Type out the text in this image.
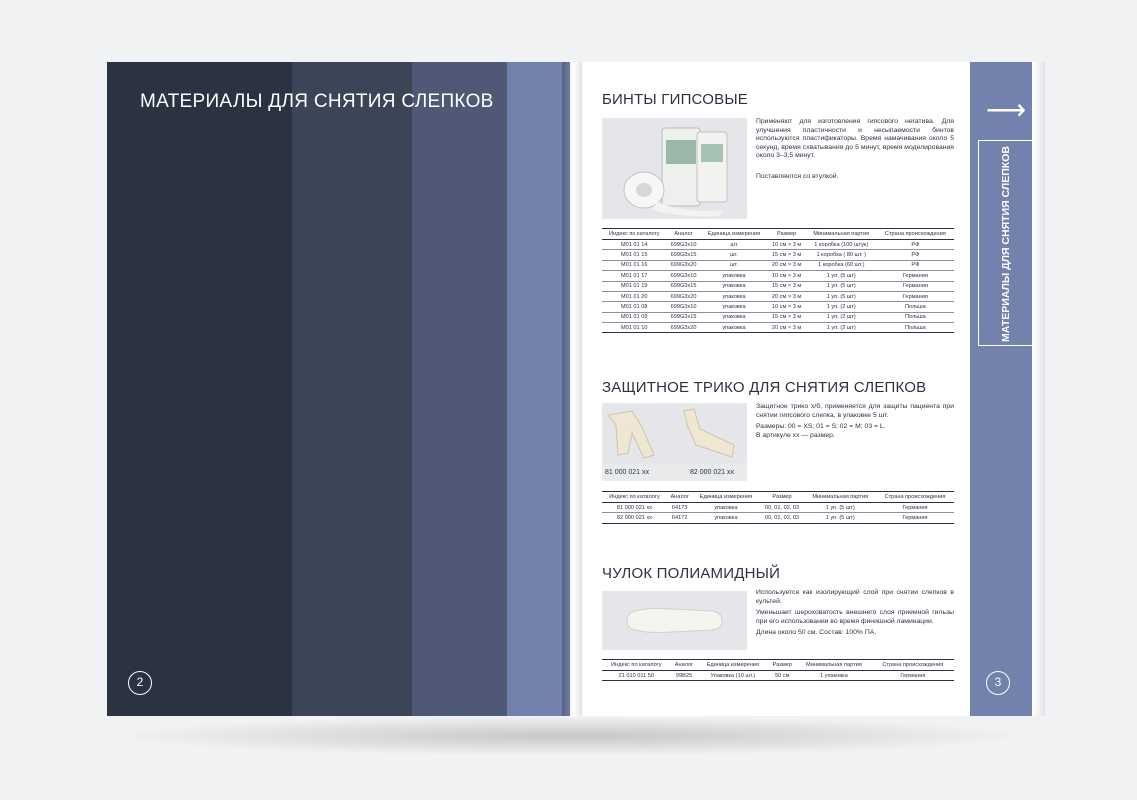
МАТЕРИАЛЫ ДЛЯ СНЯТИЯ СЛЕПКОВ
2
БИНТЫ ГИПСОВЫЕ

Применяют для изготовления гипсового негатива. Для улучшения пластичности и несыпаемости бинтов используются пластификаторы. Время намачивания около 5 секунд, время схватывания до 5 минут, время моделирования около 3–3,5 минут.

Поставляются со втулкой.

Индекс по каталогу	Аналог	Единица измерения	Размер	Минимальная партия	Страна происхождения
M01 01 14	699G3x10	шт	10 см × 3 м	1 коробка (100 штук)	РФ
M01 01 15	699G3x15	шт.	15 см × 3 м	1 коробка ( 80 шт. )	РФ
M01 01 16	699G3x20	шт.	20 см × 3 м	1 коробка (60 шт.)	РФ
M01 01 17	699G3x10	упаковка	10 см × 3 м	1 уп. (5 шт)	Германия
M01 01 19	699G3x15	упаковка	15 см × 3 м	1 уп. (5 шт)	Германия
M01 01 20	699G3x20	упаковка	20 см × 3 м	1 уп. (5 шт)	Германия
M01 01 08	699G3x10	упаковка	10 см × 3 м	1 уп. (2 шт)	Польша
M01 01 09	699G3x15	упаковка	15 см × 3 м	1 уп. (2 шт)	Польша
M01 01 10	699G3x20	упаковка	20 см × 3 м	1 уп. (2 шт)	Польша
ЗАЩИТНОЕ ТРИКО ДЛЯ СНЯТИЯ СЛЕПКОВ
81 000 021 хх	82 000 021 хх

Защитное трико х/б, применяется для защиты пациента при снятии гипсового слепка, в упаковке 5 шт.

Размеры: 00 = XS; 01 = S; 02 = M; 03 = L.

В артикуле хх — размер.

Индекс по каталогу	Аналог	Единица измерения	Размер	Минимальная партия	Страна происхождения
81 000 021 хх	64173	упаковка	00, 01, 02, 03	1 уп. (5 шт)	Германия
82 000 021 хх	64172	упаковка	00, 01, 02, 03	1 уп. (5 шт)	Германия
ЧУЛОК ПОЛИАМИДНЫЙ

Используется как изолирующий слой при снятии слепков в культей.

Уменьшает шероховатость внешнего слоя приемной гильзы при его использовании во время финишной ламинации.

Длина около 50 см. Состав: 100% ПА.

Индекс по каталогу	Аналог	Единица измерения	Размер	Минимальная партия	Страна происхождения
21 010 011 50	99B25	Упаковка (10 шт.)	50 см	1 упаковка	Германия
⟶
МАТЕРИАЛЫ ДЛЯ СНЯТИЯ СЛЕПКОВ
3
